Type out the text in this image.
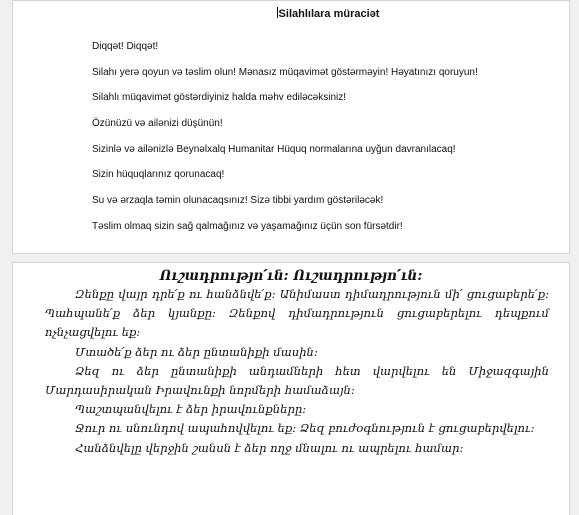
Silahlılara müraciət
Diqqət! Diqqət!
Silahı yerə qoyun və təslim olun! Mənasız müqavimət göstərməyin! Həyatınızı qoruyun!
Silahlı müqavimət göstərdiyiniz halda məhv ediləcəksiniz!
Özünüzü və ailənizi düşünün!
Sizinlə və ailənizlə Beynəlxalq Humanitar Hüquq normalarına uyğun davranılacaq!
Sizin hüquqlarınız qorunacaq!
Su və ərzaqla təmin olunacaqsınız! Sizə tibbi yardım göstəriləcək!
Təslim olmaq sizin sağ qalmağınız və yaşamağınız üçün son fürsətdir!
Ուշադրությո՛ւն: Ուշադրությո՛ւն:

Զենքը վայր դրե՛ք ու հանձնվե՛ք: Անիմաստ դիմադրություն մի՛ ցուցաբերե՛ք: Պահպանե՛ք ձեր կյանքը: Զենքով դիմադրություն ցուցաբերելու դեպքում ոչնչացվելու եք:

Մտածե՛ք ձեր ու ձեր ընտանիքի մասին:

Ձեզ ու ձեր ընտանիքի անդամների հետ վարվելու են Միջազգային Մարդասիրական Իրավունքի նորմերի համաձայն:

Պաշտպանվելու է ձեր իրավունքները:

Ջուր ու սնունդով ապահովվելու եք: Ձեզ բուժօգնություն է ցուցաբերվելու:

Հանձնվելը վերջին շանսն է ձեր ողջ մնալու ու ապրելու համար:
